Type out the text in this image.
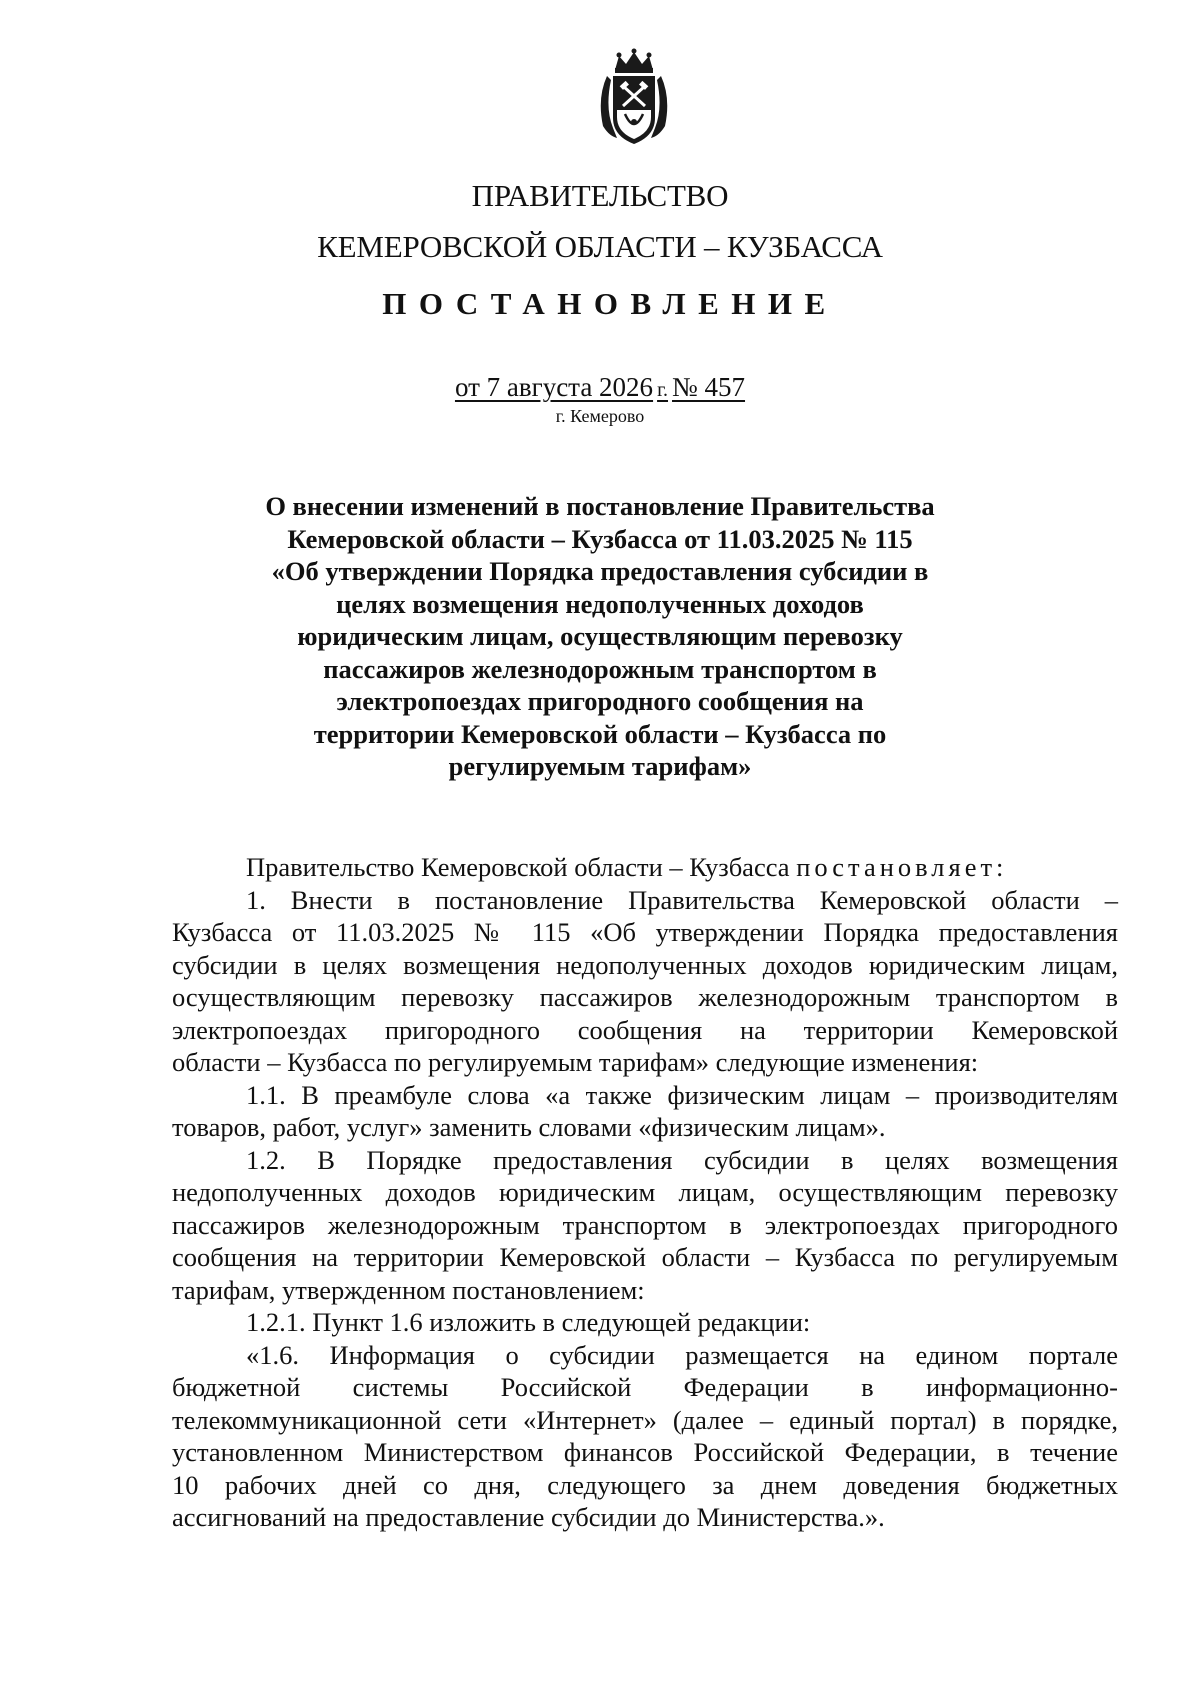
ПРАВИТЕЛЬСТВО
КЕМЕРОВСКОЙ ОБЛАСТИ – КУЗБАССА
ПОСТАНОВЛЕНИЕ
от 7 августа 2026 г. № 457
г. Кемерово
О внесении изменений в постановление Правительства
Кемеровской области – Кузбасса от 11.03.2025 № 115
«Об утверждении Порядка предоставления субсидии в
целях возмещения недополученных доходов
юридическим лицам, осуществляющим перевозку
пассажиров железнодорожным транспортом в
электропоездах пригородного сообщения на
территории Кемеровской области – Кузбасса по
регулируемым тарифам»
Правительство Кемеровской области – Кузбасса постановляет:
1. Внести в постановление Правительства Кемеровской области –
Кузбасса от 11.03.2025 № 115 «Об утверждении Порядка предоставления
субсидии в целях возмещения недополученных доходов юридическим лицам,
осуществляющим перевозку пассажиров железнодорожным транспортом в
электропоездах пригородного сообщения на территории Кемеровской
области – Кузбасса по регулируемым тарифам» следующие изменения:
1.1. В преамбуле слова «а также физическим лицам – производителям
товаров, работ, услуг» заменить словами «физическим лицам».
1.2. В Порядке предоставления субсидии в целях возмещения
недополученных доходов юридическим лицам, осуществляющим перевозку
пассажиров железнодорожным транспортом в электропоездах пригородного
сообщения на территории Кемеровской области – Кузбасса по регулируемым
тарифам, утвержденном постановлением:
1.2.1. Пункт 1.6 изложить в следующей редакции:
«1.6. Информация о субсидии размещается на едином портале
бюджетной системы Российской Федерации в информационно-
телекоммуникационной сети «Интернет» (далее – единый портал) в порядке,
установленном Министерством финансов Российской Федерации, в течение
10 рабочих дней со дня, следующего за днем доведения бюджетных
ассигнований на предоставление субсидии до Министерства.».
